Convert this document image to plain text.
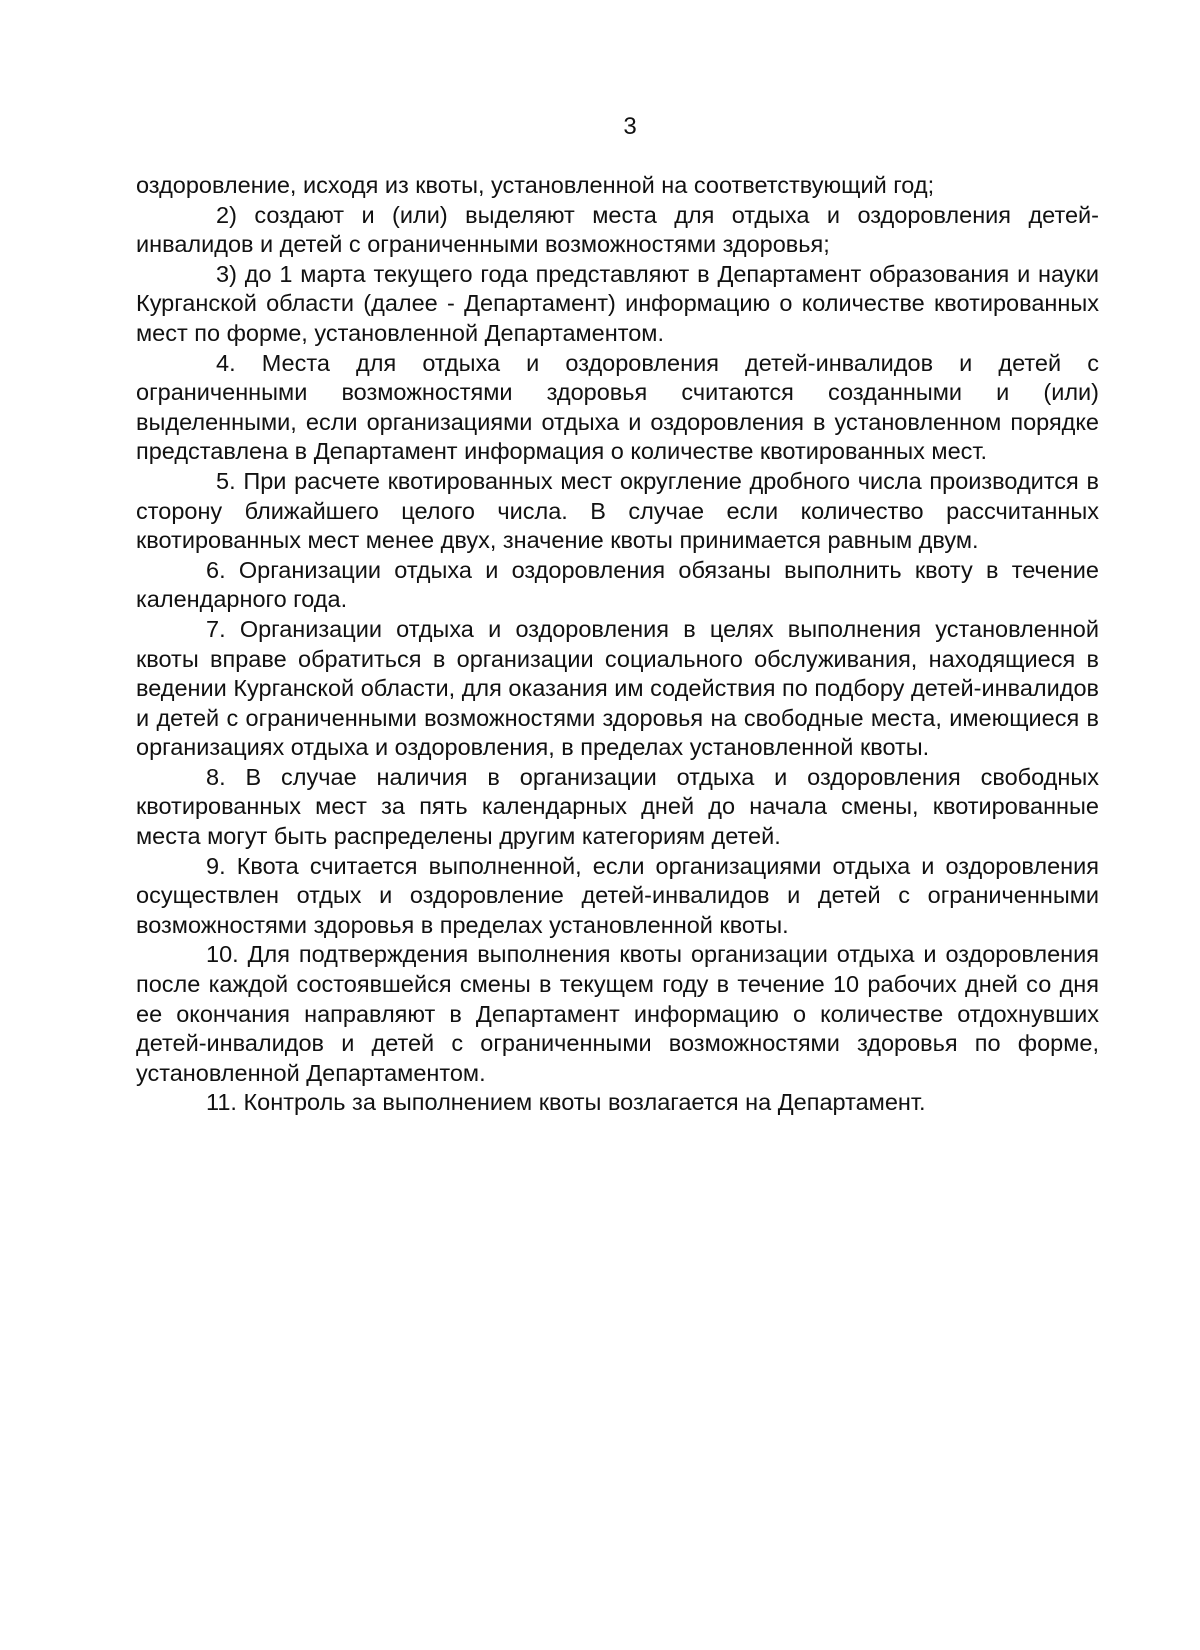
3

оздоровление, исходя из квоты, установленной на соответствующий год;

2) создают и (или) выделяют места для отдыха и оздоровления детей-инвалидов и детей с ограниченными возможностями здоровья;

3) до 1 марта текущего года представляют в Департамент образования и науки Курганской области (далее - Департамент) информацию о количестве квотированных мест по форме, установленной Департаментом.

4. Места для отдыха и оздоровления детей-инвалидов и детей с ограниченными возможностями здоровья считаются созданными и (или) выделенными, если организациями отдыха и оздоровления в установленном порядке представлена в Департамент информация о количестве квотированных мест.

5. При расчете квотированных мест округление дробного числа производится в сторону ближайшего целого числа. В случае если количество рассчитанных квотированных мест менее двух, значение квоты принимается равным двум.

6. Организации отдыха и оздоровления обязаны выполнить квоту в течение календарного года.

7. Организации отдыха и оздоровления в целях выполнения установленной квоты вправе обратиться в организации социального обслуживания, находящиеся в ведении Курганской области, для оказания им содействия по подбору детей-инвалидов и детей с ограниченными возможностями здоровья на свободные места, имеющиеся в организациях отдыха и оздоровления, в пределах установленной квоты.

8. В случае наличия в организации отдыха и оздоровления свободных квотированных мест за пять календарных дней до начала смены, квотированные места могут быть распределены другим категориям детей.

9. Квота считается выполненной, если организациями отдыха и оздоровления осуществлен отдых и оздоровление детей-инвалидов и детей с ограниченными возможностями здоровья в пределах установленной квоты.

10. Для подтверждения выполнения квоты организации отдыха и оздоровления после каждой состоявшейся смены в текущем году в течение 10 рабочих дней со дня ее окончания направляют в Департамент информацию о количестве отдохнувших детей-инвалидов и детей с ограниченными возможностями здоровья по форме, установленной Департаментом.

11. Контроль за выполнением квоты возлагается на Департамент.
